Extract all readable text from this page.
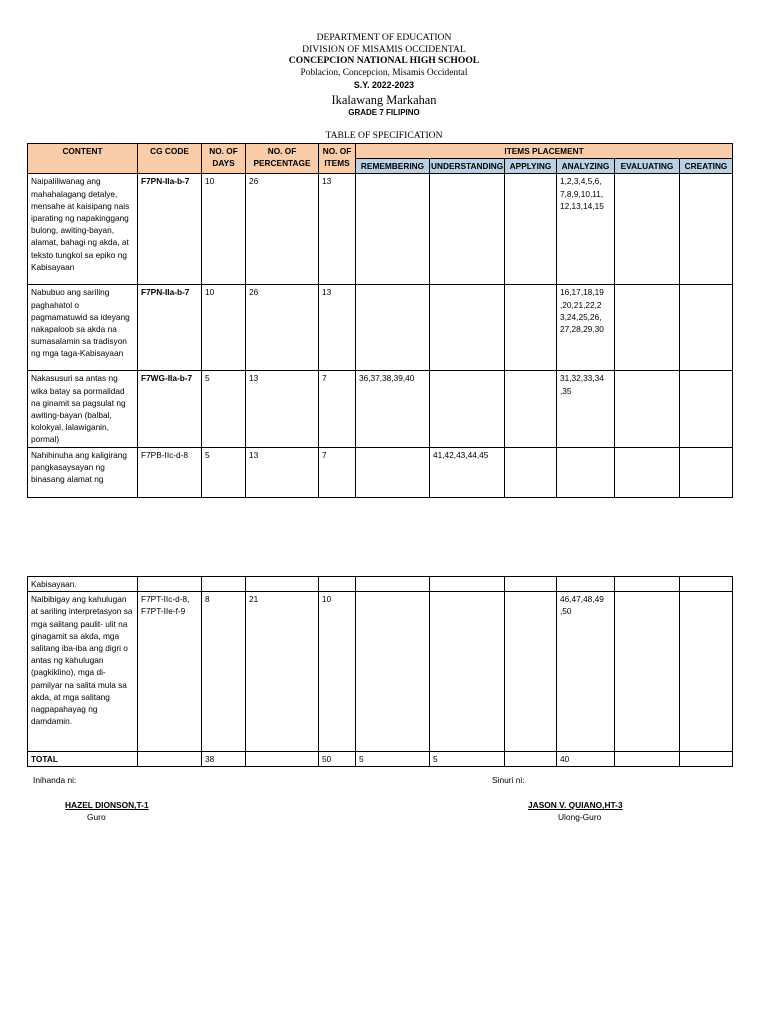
DEPARTMENT OF EDUCATION
DIVISION OF MISAMIS OCCIDENTAL
CONCEPCION NATIONAL HIGH SCHOOL
Poblacion, Concepcion, Misamis Occidental
S.Y. 2022-2023
Ikalawang Markahan
GRADE 7 FILIPINO
TABLE OF SPECIFICATION
CONTENT	CG CODE	NO. OF DAYS	NO. OF PERCENTAGE	NO. OF ITEMS	ITEMS PLACEMENT					
					REMEMBERING	UNDERSTANDING	APPLYING	ANALYZING	EVALUATING	CREATING
Naipaliliwanag ang mahahalagang detalye, mensahe at kaisipang nais iparating ng napakinggang bulong, awiting-bayan, alamat, bahagi ng akda, at teksto tungkol sa epiko ng Kabisayaan	F7PN-IIa-b-7	10	26	13				1,2,3,4,5,6, 7,8,9,10,11, 12,13,14,15		
Nabubuo ang sariling paghahatol o pagmamatuwid sa ideyang nakapaloob sa akda na sumasalamin sa tradisyon ng mga taga-Kabisayaan	F7PN-IIa-b-7	10	26	13				16,17,18,19 ,20,21,22,2 3,24,25,26, 27,28,29,30		
Nakasusuri sa antas ng wika batay sa pormalidad na ginamit sa pagsulat ng awiting-bayan (balbal, kolokyal, lalawiganin, pormal)	F7WG-IIa-b-7	5	13	7	36,37,38,39,40			31,32,33,34 ,35		
Nahihinuha ang kaligirang pangkasaysayan ng binasang alamat ng	F7PB-IIc-d-8	5	13	7		41,42,43,44,45				
Kabisayaan.										
Naibibigay ang kahulugan at sariling interpretasyon sa mga salitang paulit- ulit na ginagamit sa akda, mga salitang iba-iba ang digri o antas ng kahulugan (pagkiklino), mga di-pamilyar na salita mula sa akda, at mga salitang nagpapahayag ng damdamin.	F7PT-IIc-d-8, F7PT-IIe-f-9	8	21	10				46,47,48,49 ,50		
TOTAL		38		50	5	5		40		
Inihanda ni:
HAZEL DIONSON,T-1
Guro
Sinuri ni:
JASON V. QUIANO,HT-3
Ulong-Guro
